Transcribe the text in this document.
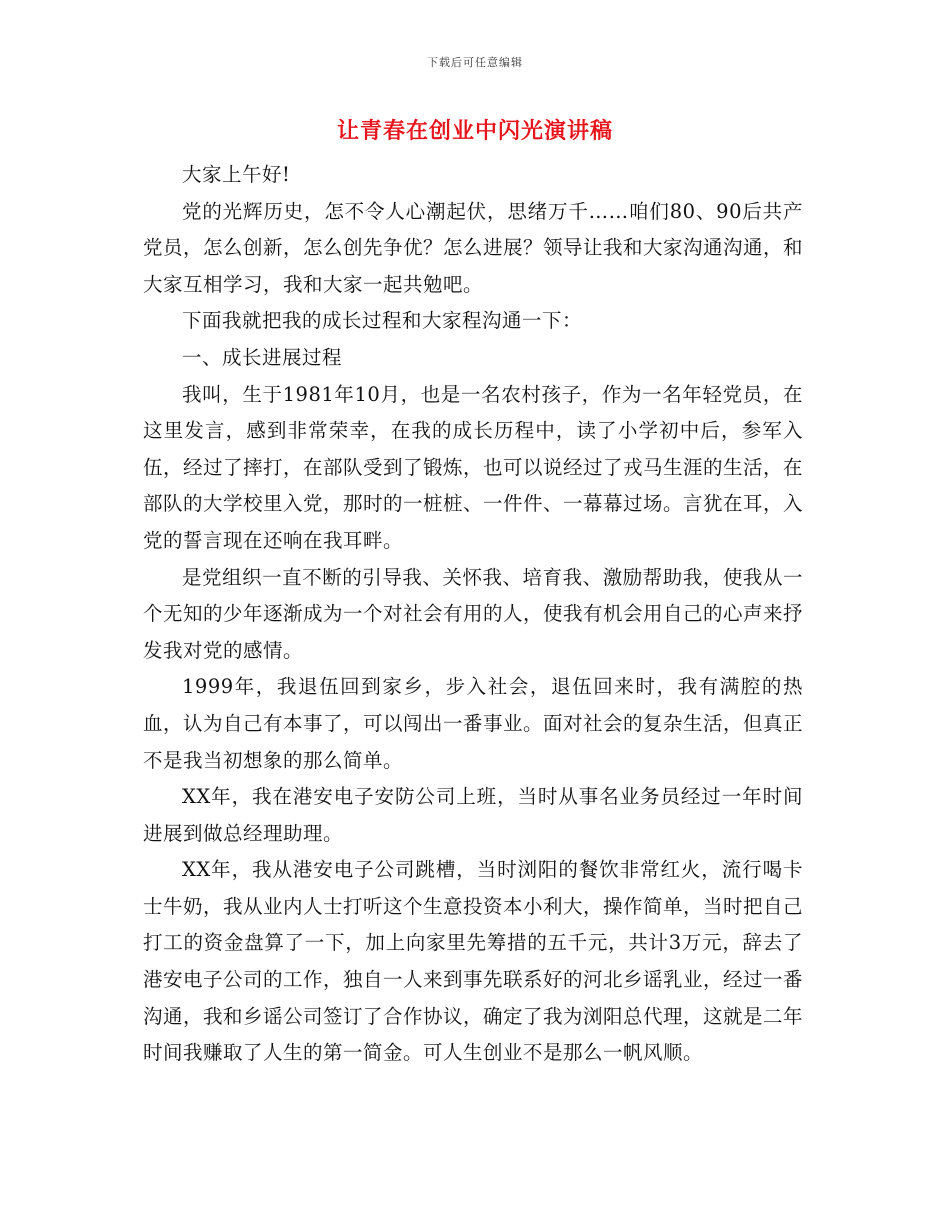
下载后可任意编辑
让青春在创业中闪光演讲稿

大家上午好!

党的光辉历史，怎不令人心潮起伏，思绪万千……咱们80、90后共产党员，怎么创新，怎么创先争优？怎么进展？领导让我和大家沟通沟通，和大家互相学习，我和大家一起共勉吧。

下面我就把我的成长过程和大家程沟通一下：

一、成长进展过程

我叫，生于1981年10月，也是一名农村孩子，作为一名年轻党员，在这里发言，感到非常荣幸，在我的成长历程中，读了小学初中后，参军入伍，经过了摔打，在部队受到了锻炼，也可以说经过了戎马生涯的生活，在部队的大学校里入党，那时的一桩桩、一件件、一幕幕过场。言犹在耳，入党的誓言现在还响在我耳畔。

是党组织一直不断的引导我、关怀我、培育我、激励帮助我，使我从一个无知的少年逐渐成为一个对社会有用的人，使我有机会用自己的心声来抒发我对党的感情。

1999年，我退伍回到家乡，步入社会，退伍回来时，我有满腔的热血，认为自己有本事了，可以闯出一番事业。面对社会的复杂生活，但真正不是我当初想象的那么简单。

XX年，我在港安电子安防公司上班，当时从事名业务员经过一年时间进展到做总经理助理。

XX年，我从港安电子公司跳槽，当时浏阳的餐饮非常红火，流行喝卡士牛奶，我从业内人士打听这个生意投资本小利大，操作简单，当时把自己打工的资金盘算了一下，加上向家里先筹措的五千元，共计3万元，辞去了港安电子公司的工作，独自一人来到事先联系好的河北乡谣乳业，经过一番沟通，我和乡谣公司签订了合作协议，确定了我为浏阳总代理，这就是二年时间我赚取了人生的第一简金。可人生创业不是那么一帆风顺。
